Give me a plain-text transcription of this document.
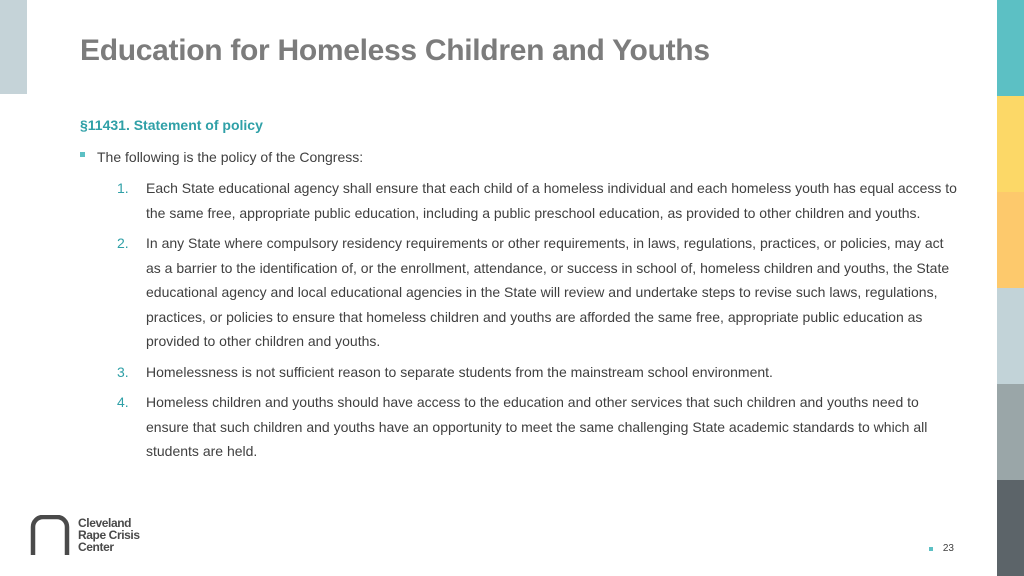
Education for Homeless Children and Youths
§11431. Statement of policy
The following is the policy of the Congress:
1.	Each State educational agency shall ensure that each child of a homeless individual and each homeless youth has equal access to the same free, appropriate public education, including a public preschool education, as provided to other children and youths.
2.	In any State where compulsory residency requirements or other requirements, in laws, regulations, practices, or policies, may act as a barrier to the identification of, or the enrollment, attendance, or success in school of, homeless children and youths, the State educational agency and local educational agencies in the State will review and undertake steps to revise such laws, regulations, practices, or policies to ensure that homeless children and youths are afforded the same free, appropriate public education as provided to other children and youths.
3.	Homelessness is not sufficient reason to separate students from the mainstream school environment.
4.	Homeless children and youths should have access to the education and other services that such children and youths need to ensure that such children and youths have an opportunity to meet the same challenging State academic standards to which all students are held.
Cleveland
Rape Crisis
Center	23
